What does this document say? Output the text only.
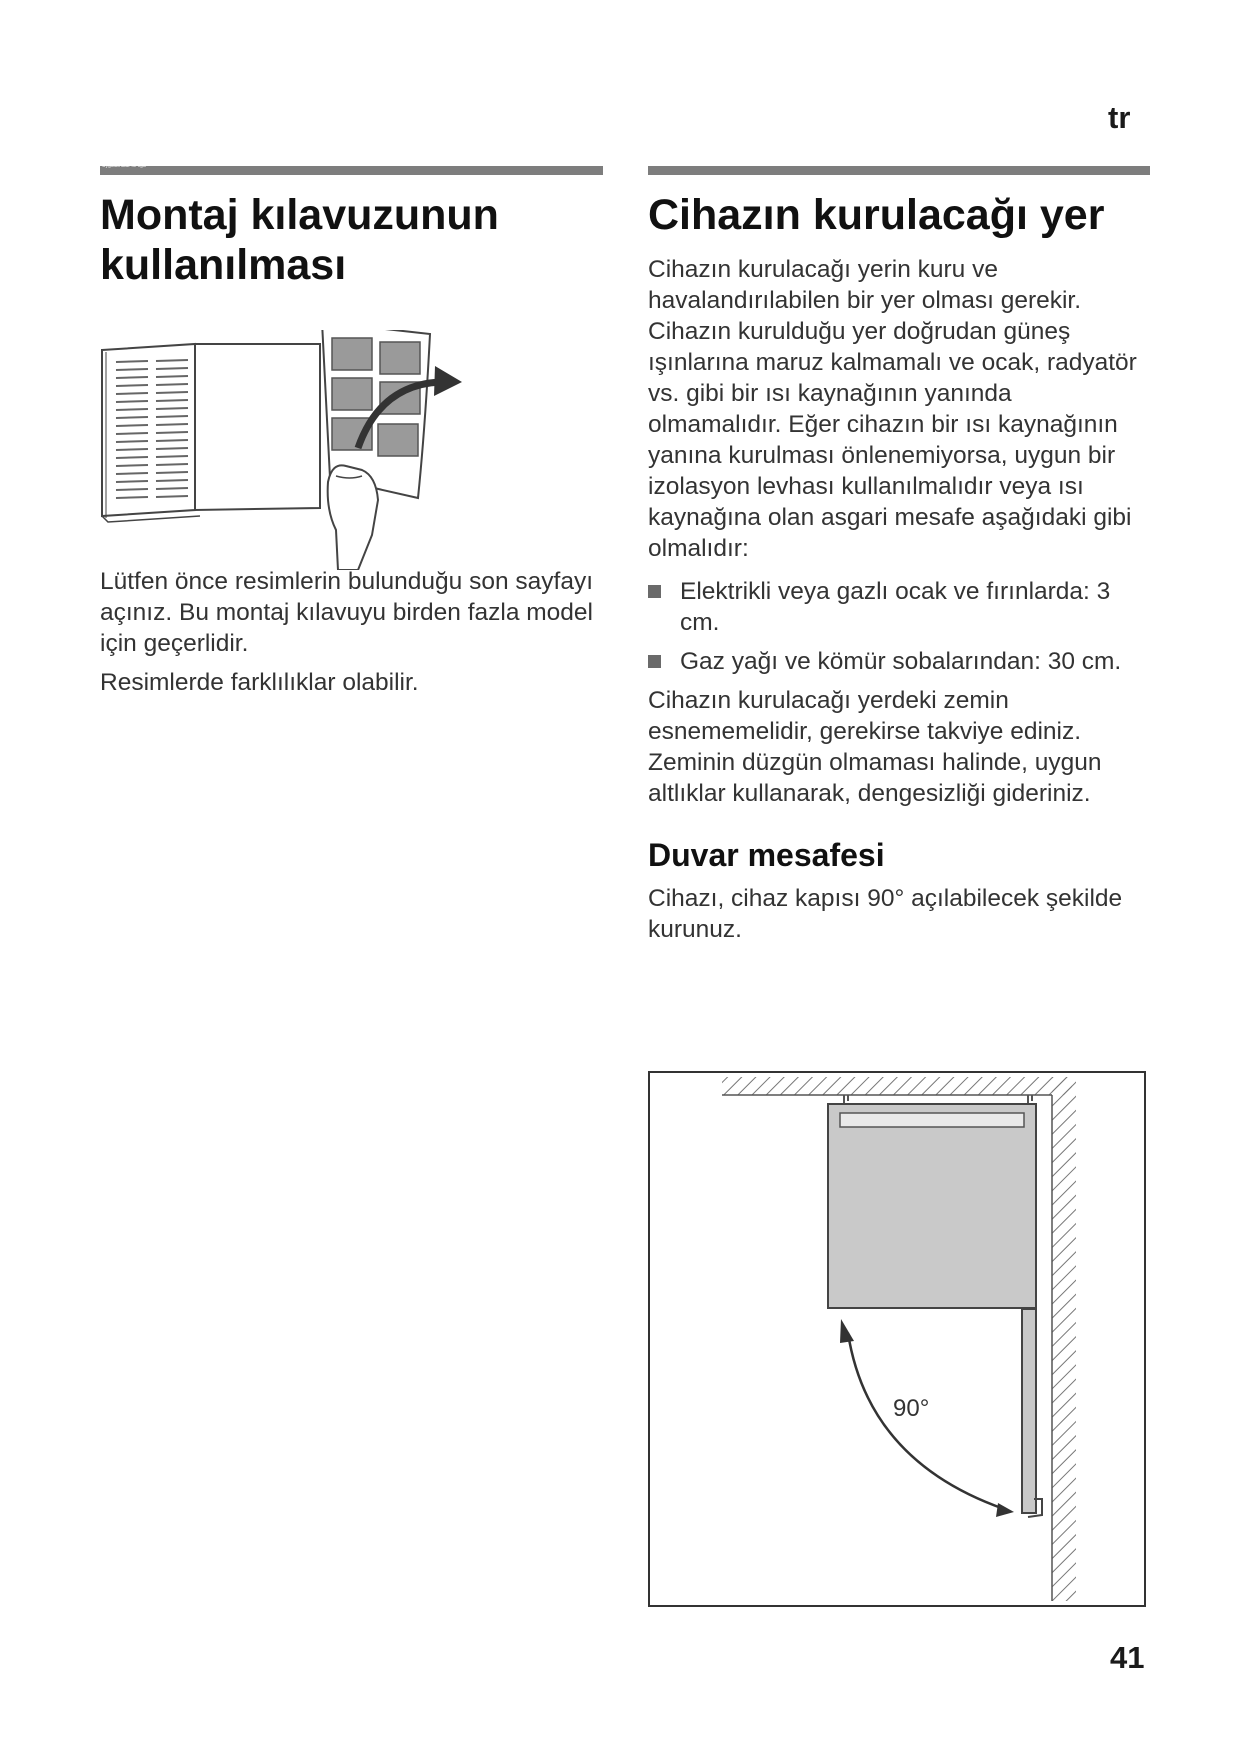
tr
Uygulamalar ile ilgili
Montaj kılavuzunun kullanılması

Lütfen önce resimlerin bulunduğu son sayfayı açınız. Bu montaj kılavuyu birden fazla model için geçerlidir.

Resimlerde farklılıklar olabilir.

Cihazın kurulacağı yer

Cihazın kurulacağı yerin kuru ve havalandırılabilen bir yer olması gerekir. Cihazın kurulduğu yer doğrudan güneş ışınlarına maruz kalmamalı ve ocak, radyatör vs. gibi bir ısı kaynağının yanında olmamalıdır. Eğer cihazın bir ısı kaynağının yanına kurulması önlenemiyorsa, uygun bir izolasyon levhası kullanılmalıdır veya ısı kaynağına olan asgari mesafe aşağıdaki gibi olmalıdır:

Elektrikli veya gazlı ocak ve fırınlarda: 3 cm.
Gaz yağı ve kömür sobalarından: 30 cm.

Cihazın kurulacağı yerdeki zemin esnememelidir, gerekirse takviye ediniz. Zeminin düzgün olmaması halinde, uygun altlıklar kullanarak, dengesizliği gideriniz.

Duvar mesafesi

Cihazı, cihaz kapısı 90° açılabilecek şekilde kurunuz.

90°
41
